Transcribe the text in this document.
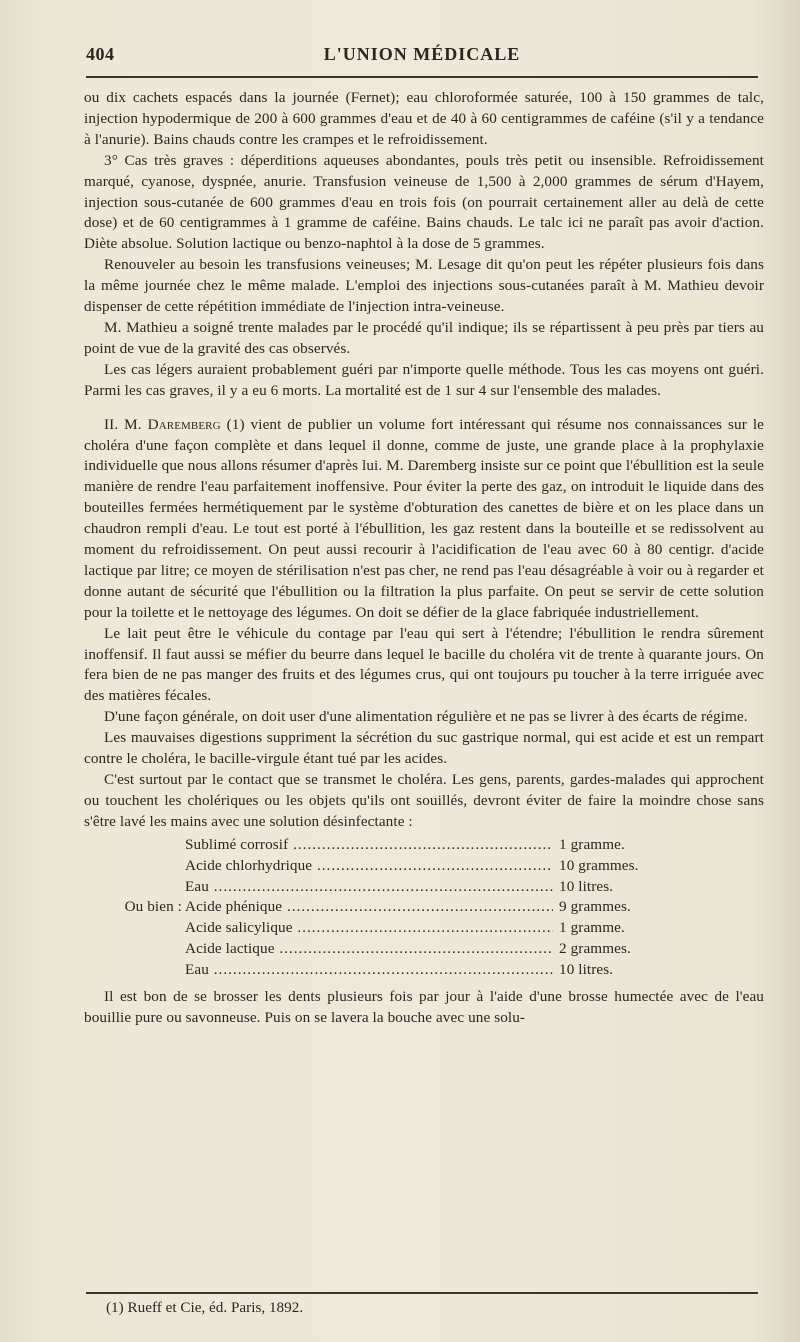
404	L'UNION MÉDICALE

ou dix cachets espacés dans la journée (Fernet); eau chloroformée saturée, 100 à 150 grammes de talc, injection hypodermique de 200 à 600 grammes d'eau et de 40 à 60 centigrammes de caféine (s'il y a tendance à l'anurie). Bains chauds contre les crampes et le refroidissement.

3° Cas très graves : déperditions aqueuses abondantes, pouls très petit ou insensible. Refroidissement marqué, cyanose, dyspnée, anurie. Transfusion veineuse de 1,500 à 2,000 grammes de sérum d'Hayem, injection sous-cutanée de 600 grammes d'eau en trois fois (on pourrait certainement aller au delà de cette dose) et de 60 centigrammes à 1 gramme de caféine. Bains chauds. Le talc ici ne paraît pas avoir d'action. Diète absolue. Solution lactique ou benzo-naphtol à la dose de 5 grammes.

Renouveler au besoin les transfusions veineuses; M. Lesage dit qu'on peut les répéter plusieurs fois dans la même journée chez le même malade. L'emploi des injections sous-cutanées paraît à M. Mathieu devoir dispenser de cette répétition immédiate de l'injection intra-veineuse.

M. Mathieu a soigné trente malades par le procédé qu'il indique; ils se répartissent à peu près par tiers au point de vue de la gravité des cas observés.

Les cas légers auraient probablement guéri par n'importe quelle méthode. Tous les cas moyens ont guéri. Parmi les cas graves, il y a eu 6 morts. La mortalité est de 1 sur 4 sur l'ensemble des malades.

II. M. Daremberg (1) vient de publier un volume fort intéressant qui résume nos connaissances sur le choléra d'une façon complète et dans lequel il donne, comme de juste, une grande place à la prophylaxie individuelle que nous allons résumer d'après lui. M. Daremberg insiste sur ce point que l'ébullition est la seule manière de rendre l'eau parfaitement inoffensive. Pour éviter la perte des gaz, on introduit le liquide dans des bouteilles fermées hermétiquement par le système d'obturation des canettes de bière et on les place dans un chaudron rempli d'eau. Le tout est porté à l'ébullition, les gaz restent dans la bouteille et se redissolvent au moment du refroidissement. On peut aussi recourir à l'acidification de l'eau avec 60 à 80 centigr. d'acide lactique par litre; ce moyen de stérilisation n'est pas cher, ne rend pas l'eau désagréable à voir ou à regarder et donne autant de sécurité que l'ébullition ou la filtration la plus parfaite. On peut se servir de cette solution pour la toilette et le nettoyage des légumes. On doit se défier de la glace fabriquée industriellement.

Le lait peut être le véhicule du contage par l'eau qui sert à l'étendre; l'ébullition le rendra sûrement inoffensif. Il faut aussi se méfier du beurre dans lequel le bacille du choléra vit de trente à quarante jours. On fera bien de ne pas manger des fruits et des légumes crus, qui ont toujours pu toucher à la terre irriguée avec des matières fécales.

D'une façon générale, on doit user d'une alimentation régulière et ne pas se livrer à des écarts de régime.

Les mauvaises digestions suppriment la sécrétion du suc gastrique normal, qui est acide et est un rempart contre le choléra, le bacille-virgule étant tué par les acides.

C'est surtout par le contact que se transmet le choléra. Les gens, parents, gardes-malades qui approchent ou touchent les cholériques ou les objets qu'ils ont souillés, devront éviter de faire la moindre chose sans s'être lavé les mains avec une solution désinfectante :

Sublimé corrosif .....	1 gramme.
Acide chlorhydrique .....	10 grammes.
Eau .....	10 litres.
Ou bien : Acide phénique .....	9 grammes.
Acide salicylique .....	1 gramme.
Acide lactique .....	2 grammes.
Eau .....	10 litres.

Il est bon de se brosser les dents plusieurs fois par jour à l'aide d'une brosse humectée avec de l'eau bouillie pure ou savonneuse. Puis on se lavera la bouche avec une solu-

(1) Rueff et Cie, éd. Paris, 1892.
